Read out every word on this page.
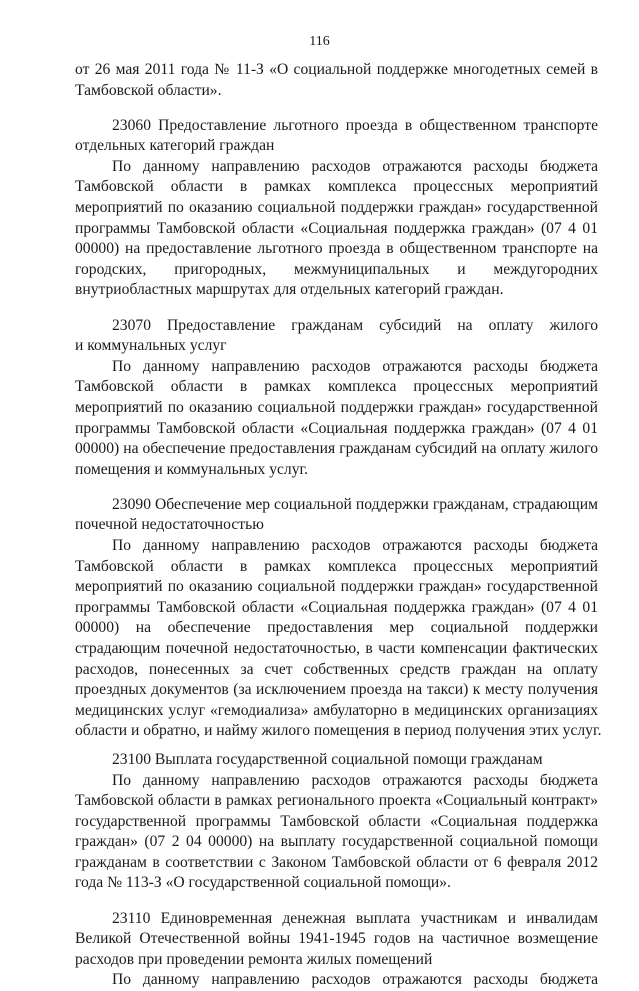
116
от 26 мая 2011 года № 11-З «О социальной поддержке многодетных семей в
Тамбовской области».
23060 Предоставление льготного проезда в общественном транспорте
отдельных категорий граждан
По данному направлению расходов отражаются расходы бюджета
Тамбовской области в рамках комплекса процессных мероприятий
мероприятий по оказанию социальной поддержки граждан» государственной
программы Тамбовской области «Социальная поддержка граждан» (07 4 01
00000) на предоставление льготного проезда в общественном транспорте на
городских, пригородных, межмуниципальных и междугородних
внутриобластных маршрутах для отдельных категорий граждан.
23070 Предоставление гражданам субсидий на оплату жилого
и коммунальных услуг
По данному направлению расходов отражаются расходы бюджета
Тамбовской области в рамках комплекса процессных мероприятий
мероприятий по оказанию социальной поддержки граждан» государственной
программы Тамбовской области «Социальная поддержка граждан» (07 4 01
00000) на обеспечение предоставления гражданам субсидий на оплату жилого
помещения и коммунальных услуг.
23090 Обеспечение мер социальной поддержки гражданам, страдающим
почечной недостаточностью
По данному направлению расходов отражаются расходы бюджета
Тамбовской области в рамках комплекса процессных мероприятий
мероприятий по оказанию социальной поддержки граждан» государственной
программы Тамбовской области «Социальная поддержка граждан» (07 4 01
00000) на обеспечение предоставления мер социальной поддержки
страдающим почечной недостаточностью, в части компенсации фактических
расходов, понесенных за счет собственных средств граждан на оплату
проездных документов (за исключением проезда на такси) к месту получения
медицинских услуг «гемодиализа» амбулаторно в медицинских организациях
области и обратно, и найму жилого помещения в период получения этих услуг.
23100 Выплата государственной социальной помощи гражданам
По данному направлению расходов отражаются расходы бюджета
Тамбовской области в рамках регионального проекта «Социальный контракт»
государственной программы Тамбовской области «Социальная поддержка
граждан» (07 2 04 00000) на выплату государственной социальной помощи
гражданам в соответствии с Законом Тамбовской области от 6 февраля 2012
года № 113-З «О государственной социальной помощи».
23110 Единовременная денежная выплата участникам и инвалидам
Великой Отечественной войны 1941-1945 годов на частичное возмещение
расходов при проведении ремонта жилых помещений
По данному направлению расходов отражаются расходы бюджета
